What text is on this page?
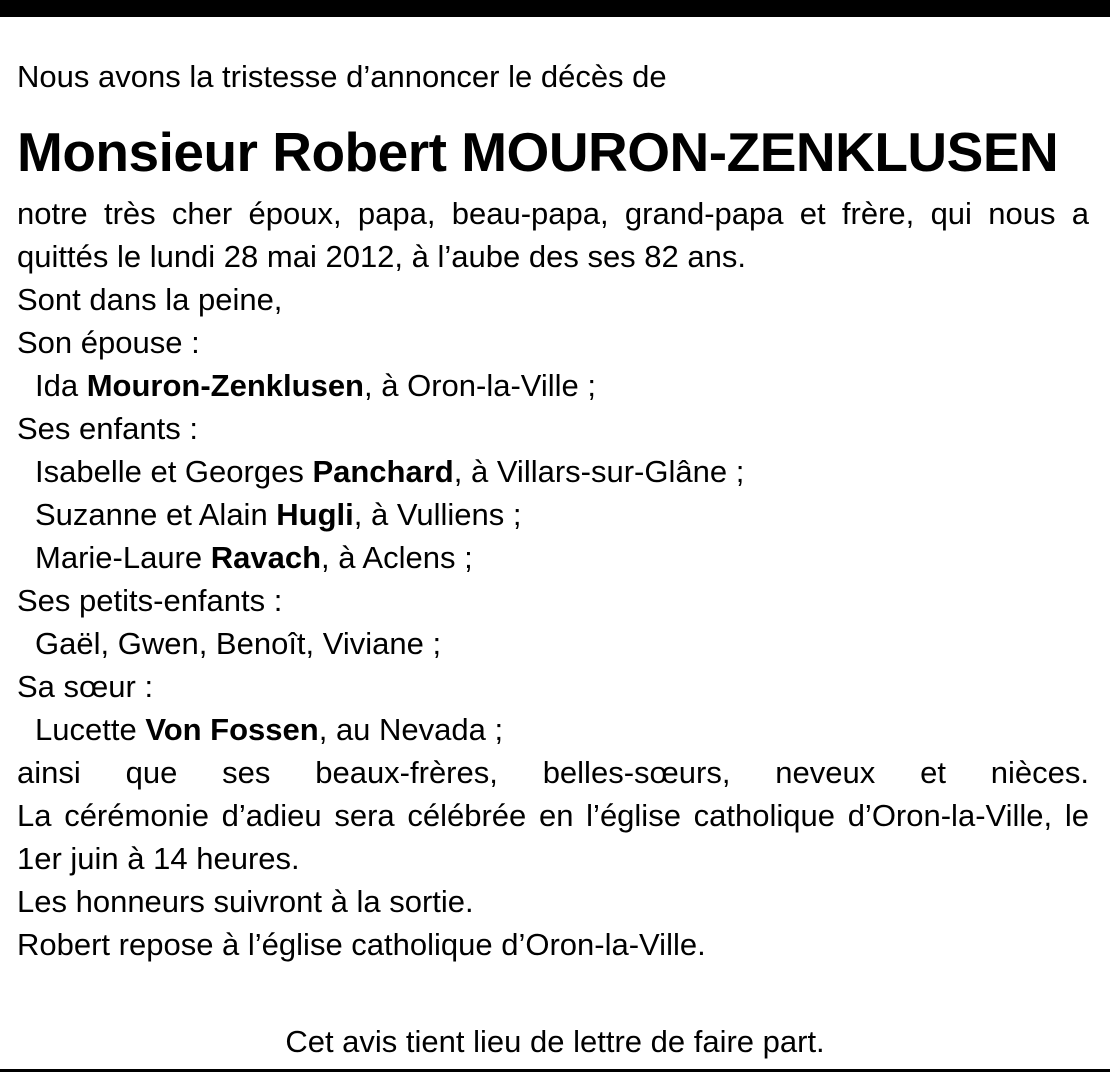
Nous avons la tristesse d’annoncer le décès de

Monsieur Robert MOURON-ZENKLUSEN

notre très cher époux, papa, beau-papa, grand-papa et frère, qui nous a quittés le lundi 28 mai 2012, à l’aube des ses 82 ans.

Sont dans la peine,

Son épouse :

Ida Mouron-Zenklusen, à Oron-la-Ville ;

Ses enfants :

Isabelle et Georges Panchard, à Villars-sur-Glâne ;

Suzanne et Alain Hugli, à Vulliens ;

Marie-Laure Ravach, à Aclens ;

Ses petits-enfants :

Gaël, Gwen, Benoît, Viviane ;

Sa sœur :

Lucette Von Fossen, au Nevada ;

ainsi que ses beaux-frères, belles-sœurs, neveux et nièces.

La cérémonie d’adieu sera célébrée en l’église catholique d’Oron-la-Ville, le 1er juin à 14 heures.

Les honneurs suivront à la sortie.

Robert repose à l’église catholique d’Oron-la-Ville.

Cet avis tient lieu de lettre de faire part.
